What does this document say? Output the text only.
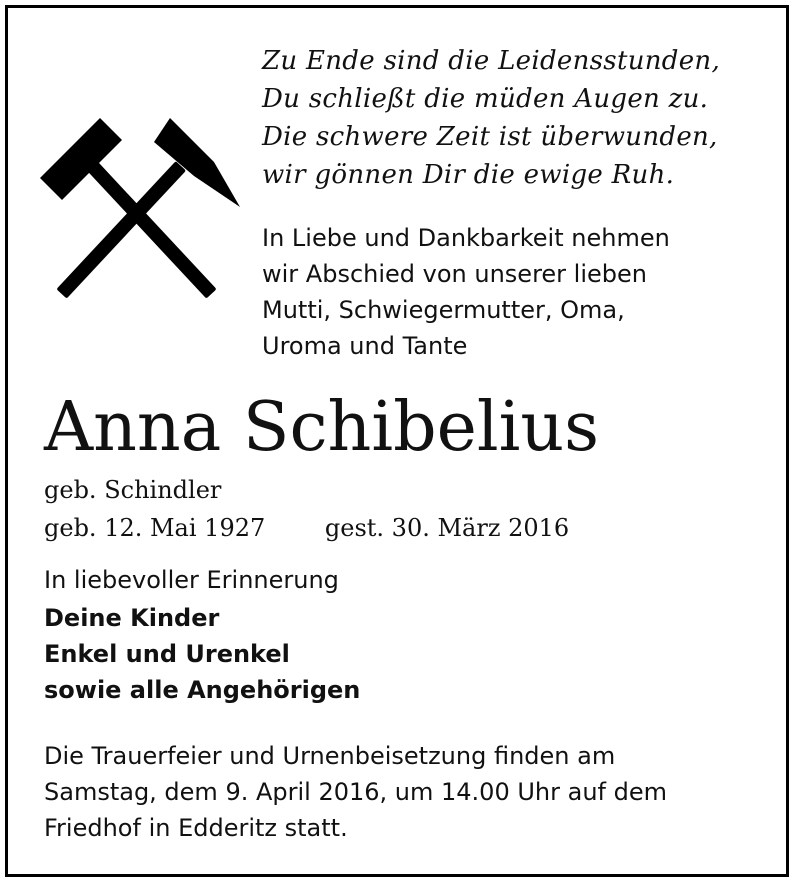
Zu Ende sind die Leidensstunden,
Du schließt die müden Augen zu.
Die schwere Zeit ist überwunden,
wir gönnen Dir die ewige Ruh.
In Liebe und Dankbarkeit nehmen
wir Abschied von unserer lieben
Mutti, Schwiegermutter, Oma,
Uroma und Tante
Anna Schibelius
geb. Schindler
geb. 12. Mai 1927 gest. 30. März 2016
In liebevoller Erinnerung
Deine Kinder
Enkel und Urenkel
sowie alle Angehörigen
Die Trauerfeier und Urnenbeisetzung finden am
Samstag, dem 9. April 2016, um 14.00 Uhr auf dem
Friedhof in Edderitz statt.
